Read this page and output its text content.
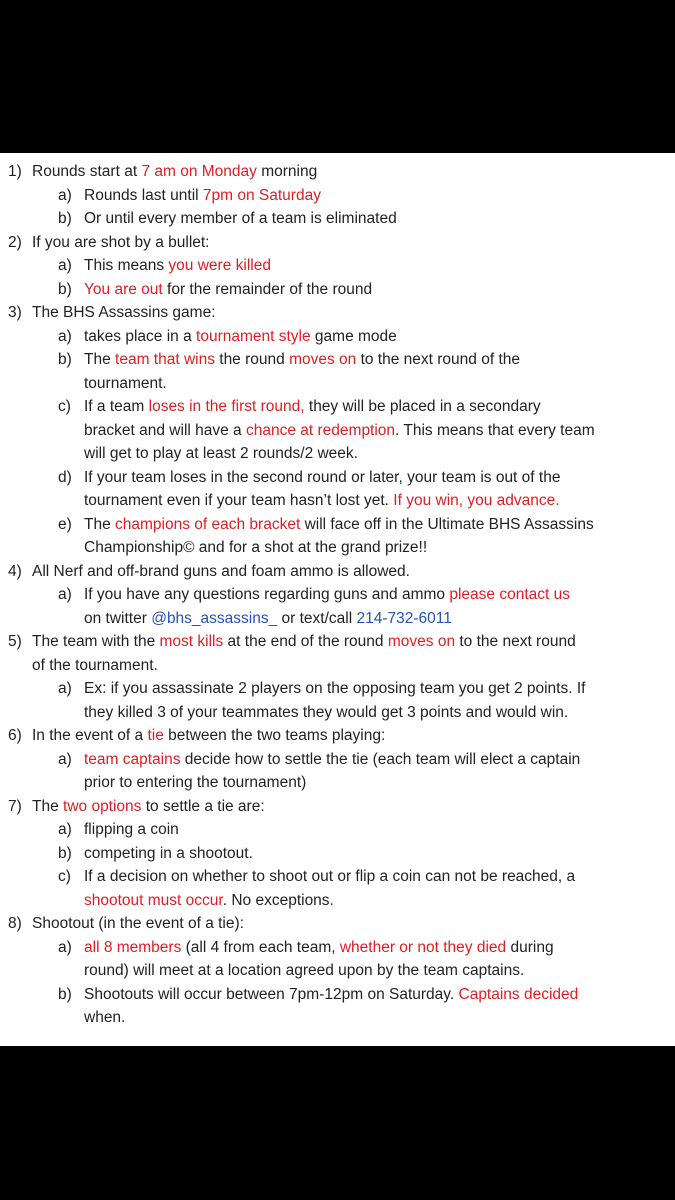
1) Rounds start at 7 am on Monday morning
a) Rounds last until 7pm on Saturday
b) Or until every member of a team is eliminated
2) If you are shot by a bullet:
a) This means you were killed
b) You are out for the remainder of the round
3) The BHS Assassins game:
a) takes place in a tournament style game mode
b) The team that wins the round moves on to the next round of the
tournament.
c) If a team loses in the first round, they will be placed in a secondary
bracket and will have a chance at redemption. This means that every team
will get to play at least 2 rounds/2 week.
d) If your team loses in the second round or later, your team is out of the
tournament even if your team hasn’t lost yet. If you win, you advance.
e) The champions of each bracket will face off in the Ultimate BHS Assassins
Championship© and for a shot at the grand prize!!
4) All Nerf and off-brand guns and foam ammo is allowed.
a) If you have any questions regarding guns and ammo please contact us
on twitter @bhs_assassins_ or text/call 214-732-6011
5) The team with the most kills at the end of the round moves on to the next round
of the tournament.
a) Ex: if you assassinate 2 players on the opposing team you get 2 points. If
they killed 3 of your teammates they would get 3 points and would win.
6) In the event of a tie between the two teams playing:
a) team captains decide how to settle the tie (each team will elect a captain
prior to entering the tournament)
7) The two options to settle a tie are:
a) flipping a coin
b) competing in a shootout.
c) If a decision on whether to shoot out or flip a coin can not be reached, a
shootout must occur. No exceptions.
8) Shootout (in the event of a tie):
a) all 8 members (all 4 from each team, whether or not they died during
round) will meet at a location agreed upon by the team captains.
b) Shootouts will occur between 7pm-12pm on Saturday. Captains decided
when.
